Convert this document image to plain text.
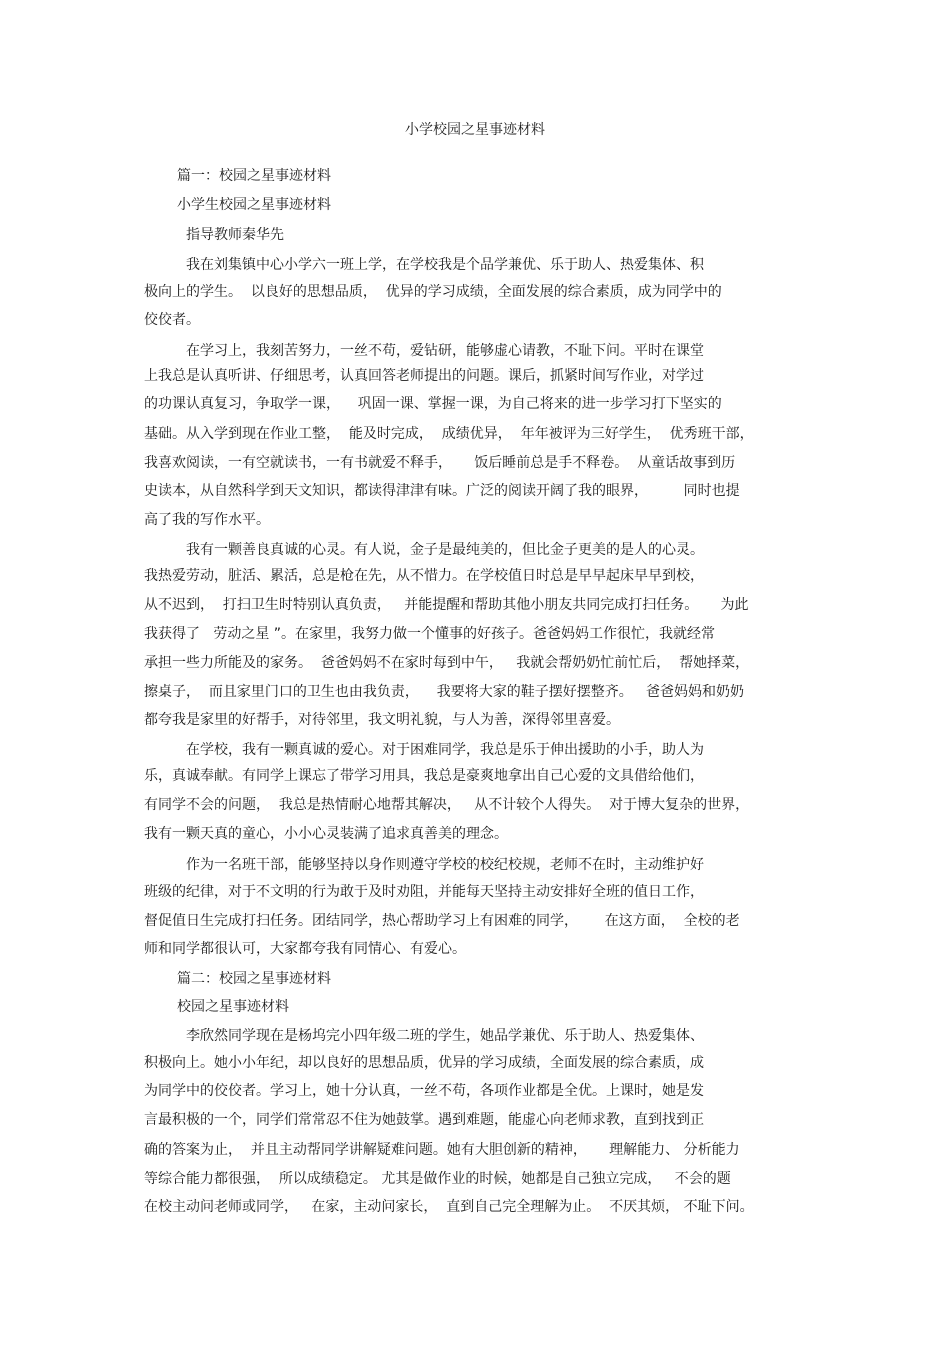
小学校园之星事迹材料
篇一：校园之星事迹材料
小学生校园之星事迹材料
指导教师秦华先
我在刘集镇中心小学六一班上学，在学校我是个品学兼优、乐于助人、热爱集体、积
极向上的学生。  以良好的思想品质，  优异的学习成绩，全面发展的综合素质，成为同学中的
佼佼者。
在学习上，我刻苦努力，一丝不苟，爱钻研，能够虚心请教，不耻下问。平时在课堂
上我总是认真听讲、仔细思考，认真回答老师提出的问题。课后，抓紧时间写作业，对学过
的功课认真复习，争取学一课，    巩固一课、掌握一课，为自己将来的进一步学习打下坚实的
基础。从入学到现在作业工整，  能及时完成，  成绩优异，  年年被评为三好学生，  优秀班干部，
我喜欢阅读，一有空就读书，一有书就爱不释手，     饭后睡前总是手不释卷。  从童话故事到历
史读本，从自然科学到天文知识，都读得津津有味。广泛的阅读开阔了我的眼界，        同时也提
高了我的写作水平。
我有一颗善良真诚的心灵。有人说，金子是最纯美的，但比金子更美的是人的心灵。
我热爱劳动，脏活、累活，总是枪在先，从不惜力。在学校值日时总是早早起床早早到校，
从不迟到，  打扫卫生时特别认真负责，   并能提醒和帮助其他小朋友共同完成打扫任务。     为此
我获得了   劳动之星 ”。在家里，我努力做一个懂事的好孩子。爸爸妈妈工作很忙，我就经常
承担一些力所能及的家务。  爸爸妈妈不在家时每到中午，   我就会帮奶奶忙前忙后，  帮她择菜，
擦桌子，  而且家里门口的卫生也由我负责，    我要将大家的鞋子摆好摆整齐。   爸爸妈妈和奶奶
都夸我是家里的好帮手，对待邻里，我文明礼貌，与人为善，深得邻里喜爱。
在学校，我有一颗真诚的爱心。对于困难同学，我总是乐于伸出援助的小手，助人为
乐，真诚奉献。有同学上课忘了带学习用具，我总是豪爽地拿出自己心爱的文具借给他们，
有同学不会的问题，  我总是热情耐心地帮其解决，   从不计较个人得失。  对于博大复杂的世界，
我有一颗天真的童心，小小心灵装满了追求真善美的理念。
作为一名班干部，能够坚持以身作则遵守学校的校纪校规，老师不在时，主动维护好
班级的纪律，对于不文明的行为敢于及时劝阻，并能每天坚持主动安排好全班的值日工作，
督促值日生完成打扫任务。团结同学，热心帮助学习上有困难的同学，      在这方面，  全校的老
师和同学都很认可，大家都夸我有同情心、有爱心。
篇二：校园之星事迹材料
校园之星事迹材料
李欣然同学现在是杨坞完小四年级二班的学生，她品学兼优、乐于助人、热爱集体、
积极向上。她小小年纪，却以良好的思想品质，优异的学习成绩，全面发展的综合素质，成
为同学中的佼佼者。学习上，她十分认真，一丝不苟，各项作业都是全优。上课时，她是发
言最积极的一个，同学们常常忍不住为她鼓掌。遇到难题，能虚心向老师求教，直到找到正
确的答案为止，  并且主动帮同学讲解疑难问题。她有大胆创新的精神，     理解能力、 分析能力
等综合能力都很强，  所以成绩稳定。 尤其是做作业的时候，她都是自己独立完成，   不会的题
在校主动问老师或同学，   在家，主动问家长，  直到自己完全理解为止。  不厌其烦， 不耻下问。
